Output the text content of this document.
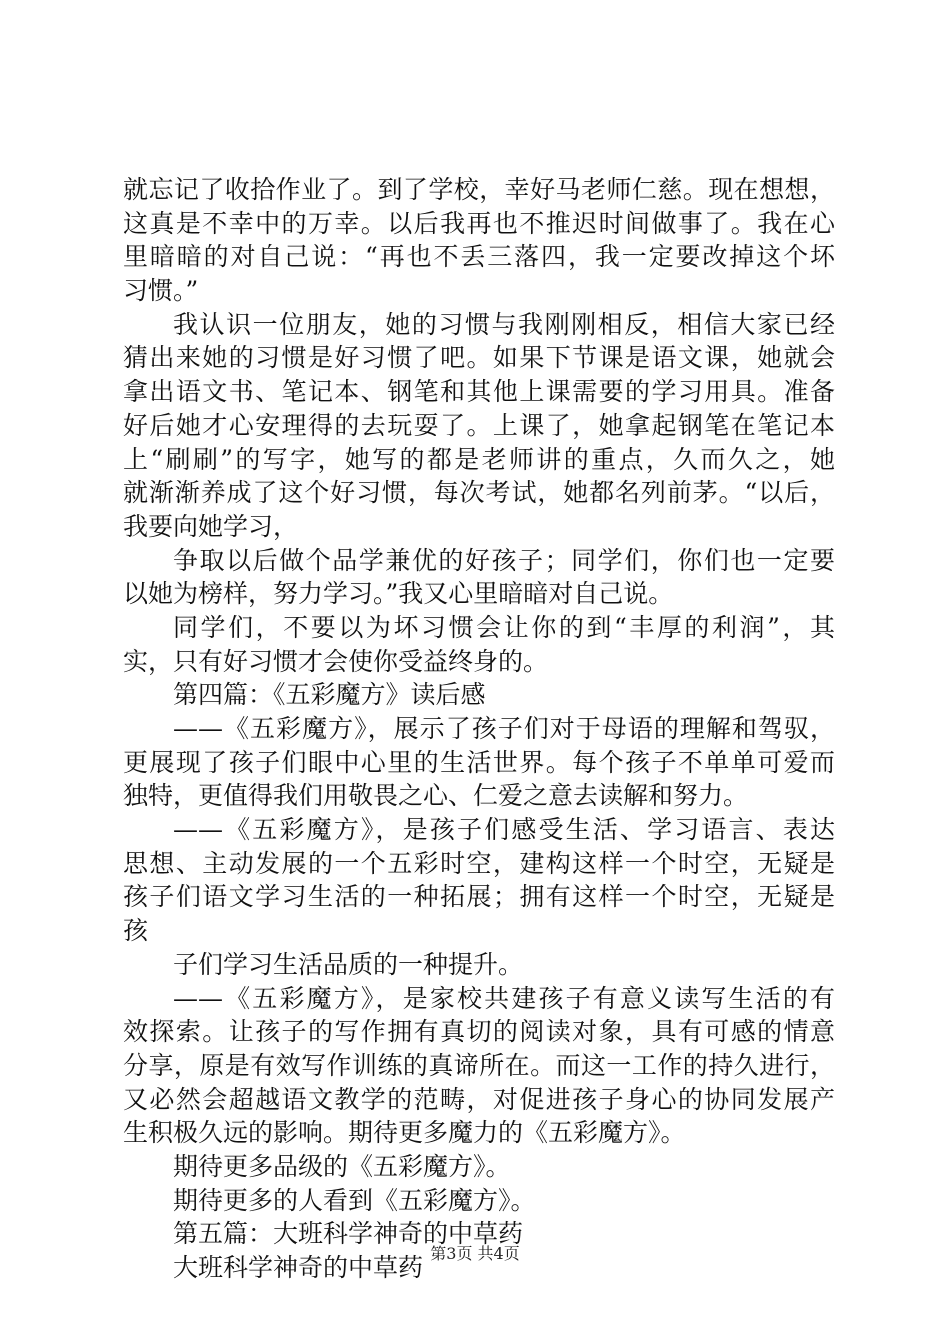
就忘记了收拾作业了。到了学校，幸好马老师仁慈。现在想想，
这真是不幸中的万幸。以后我再也不推迟时间做事了。我在心
里暗暗的对自己说：“再也不丢三落四，我一定要改掉这个坏
习惯。”
我认识一位朋友，她的习惯与我刚刚相反，相信大家已经
猜出来她的习惯是好习惯了吧。如果下节课是语文课，她就会
拿出语文书、笔记本、钢笔和其他上课需要的学习用具。准备
好后她才心安理得的去玩耍了。上课了，她拿起钢笔在笔记本
上“刷刷”的写字，她写的都是老师讲的重点，久而久之，她
就渐渐养成了这个好习惯，每次考试，她都名列前茅。“以后，
我要向她学习，
争取以后做个品学兼优的好孩子；同学们，你们也一定要
以她为榜样，努力学习。”我又心里暗暗对自己说。
同学们，不要以为坏习惯会让你的到“丰厚的利润”，其
实，只有好习惯才会使你受益终身的。
第四篇：《五彩魔方》读后感
——《五彩魔方》，展示了孩子们对于母语的理解和驾驭，
更展现了孩子们眼中心里的生活世界。每个孩子不单单可爱而
独特，更值得我们用敬畏之心、仁爱之意去读解和努力。
——《五彩魔方》，是孩子们感受生活、学习语言、表达
思想、主动发展的一个五彩时空，建构这样一个时空，无疑是
孩子们语文学习生活的一种拓展；拥有这样一个时空，无疑是
孩
子们学习生活品质的一种提升。
——《五彩魔方》，是家校共建孩子有意义读写生活的有
效探索。让孩子的写作拥有真切的阅读对象，具有可感的情意
分享，原是有效写作训练的真谛所在。而这一工作的持久进行，
又必然会超越语文教学的范畴，对促进孩子身心的协同发展产
生积极久远的影响。期待更多魔力的《五彩魔方》。
期待更多品级的《五彩魔方》。
期待更多的人看到《五彩魔方》。
第五篇：大班科学神奇的中草药
大班科学神奇的中草药 第3页 共4页
